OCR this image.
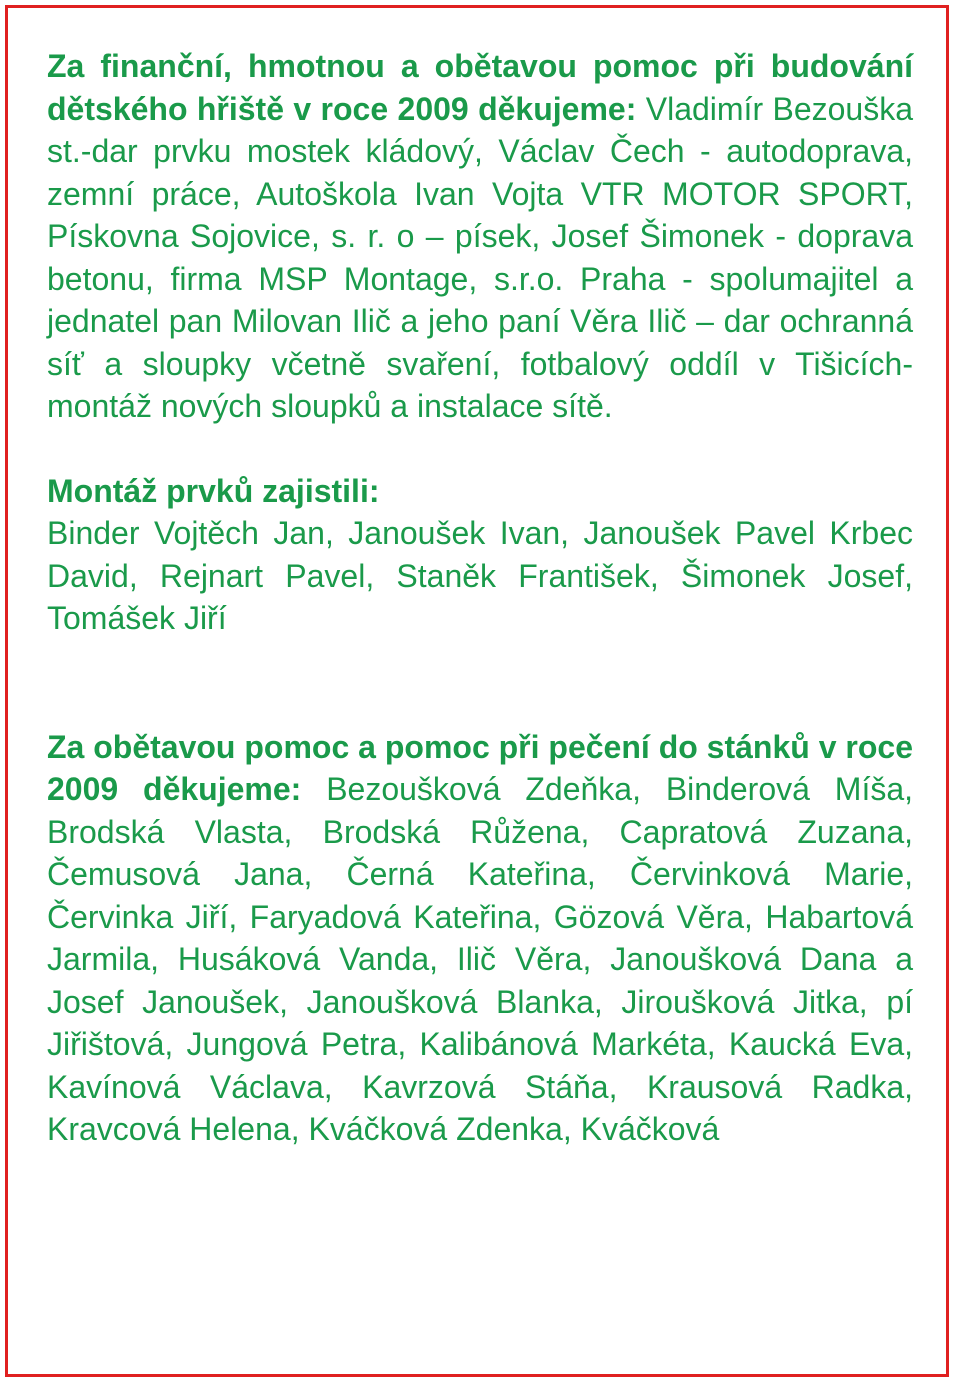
Za finanční, hmotnou a obětavou pomoc při budování dětského hřiště v roce 2009 děkujeme: Vladimír Bezouška st.-dar prvku mostek kládový, Václav Čech - autodoprava, zemní práce, Autoškola Ivan Vojta VTR MOTOR SPORT, Pískovna Sojovice, s. r. o – písek, Josef Šimonek - doprava betonu, firma MSP Montage, s.r.o. Praha - spolumajitel a jednatel pan Milovan Ilič a jeho paní Věra Ilič – dar ochranná síť a sloupky včetně svaření, fotbalový oddíl v Tišicích-montáž nových sloupků a instalace sítě.

Montáž prvků zajistili:

Binder Vojtěch Jan, Janoušek Ivan, Janoušek Pavel Krbec David, Rejnart Pavel, Staněk František, Šimonek Josef, Tomášek Jiří

Za obětavou pomoc a pomoc při pečení do stánků v roce 2009 děkujeme: Bezoušková Zdeňka, Binderová Míša, Brodská Vlasta, Brodská Růžena, Capratová Zuzana, Čemusová Jana, Černá Kateřina, Červinková Marie, Červinka Jiří, Faryadová Kateřina, Gözová Věra, Habartová Jarmila, Husáková Vanda, Ilič Věra, Janoušková Dana a Josef Janoušek, Janoušková Blanka, Jiroušková Jitka, pí Jiřištová, Jungová Petra, Kalibánová Markéta, Kaucká Eva, Kavínová Václava, Kavrzová Stáňa, Krausová Radka, Kravcová Helena, Kváčková Zdenka, Kváčková
